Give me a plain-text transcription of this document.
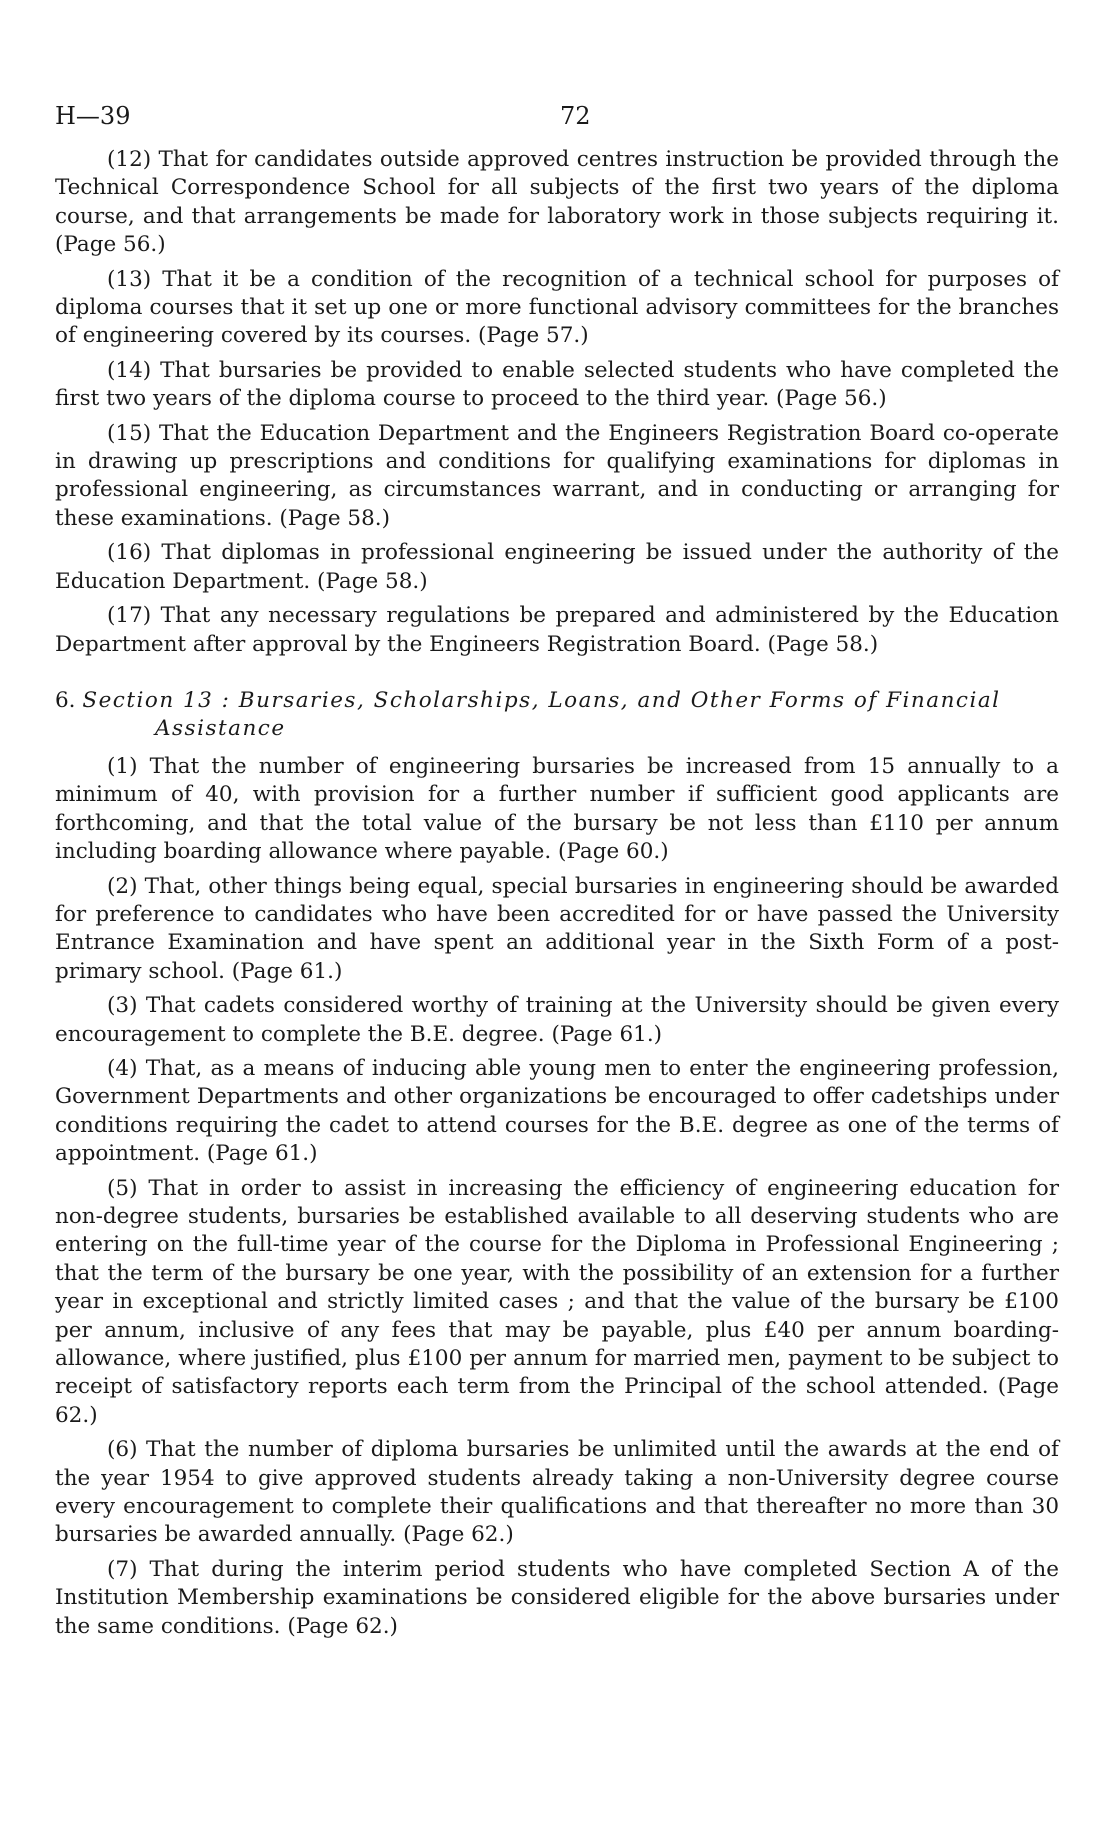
H—39	72

(12) That for candidates outside approved centres instruction be provided through the Technical Correspondence School for all subjects of the first two years of the diploma course, and that arrangements be made for laboratory work in those subjects requiring it. (Page 56.)

(13) That it be a condition of the recognition of a technical school for purposes of diploma courses that it set up one or more functional advisory committees for the branches of engineering covered by its courses. (Page 57.)

(14) That bursaries be provided to enable selected students who have completed the first two years of the diploma course to proceed to the third year. (Page 56.)

(15) That the Education Department and the Engineers Registration Board co-operate in drawing up prescriptions and conditions for qualifying examinations for diplomas in professional engineering, as circumstances warrant, and in conducting or arranging for these examinations. (Page 58.)

(16) That diplomas in professional engineering be issued under the authority of the Education Department. (Page 58.)

(17) That any necessary regulations be prepared and administered by the Education Department after approval by the Engineers Registration Board. (Page 58.)

6. Section 13 : Bursaries, Scholarships, Loans, and Other Forms of Financial
Assistance

(1) That the number of engineering bursaries be increased from 15 annually to a minimum of 40, with provision for a further number if sufficient good applicants are forthcoming, and that the total value of the bursary be not less than £110 per annum including boarding allowance where payable. (Page 60.)

(2) That, other things being equal, special bursaries in engineering should be awarded for preference to candidates who have been accredited for or have passed the University Entrance Examination and have spent an additional year in the Sixth Form of a post-primary school. (Page 61.)

(3) That cadets considered worthy of training at the University should be given every encouragement to complete the B.E. degree. (Page 61.)

(4) That, as a means of inducing able young men to enter the engineering profession, Government Departments and other organizations be encouraged to offer cadetships under conditions requiring the cadet to attend courses for the B.E. degree as one of the terms of appointment. (Page 61.)

(5) That in order to assist in increasing the efficiency of engineering education for non-degree students, bursaries be established available to all deserving students who are entering on the full-time year of the course for the Diploma in Professional Engineering ; that the term of the bursary be one year, with the possibility of an extension for a further year in exceptional and strictly limited cases ; and that the value of the bursary be £100 per annum, inclusive of any fees that may be payable, plus £40 per annum boarding-allowance, where justified, plus £100 per annum for married men, payment to be subject to receipt of satisfactory reports each term from the Principal of the school attended. (Page 62.)

(6) That the number of diploma bursaries be unlimited until the awards at the end of the year 1954 to give approved students already taking a non-University degree course every encouragement to complete their qualifications and that thereafter no more than 30 bursaries be awarded annually. (Page 62.)

(7) That during the interim period students who have completed Section A of the Institution Membership examinations be considered eligible for the above bursaries under the same conditions. (Page 62.)
